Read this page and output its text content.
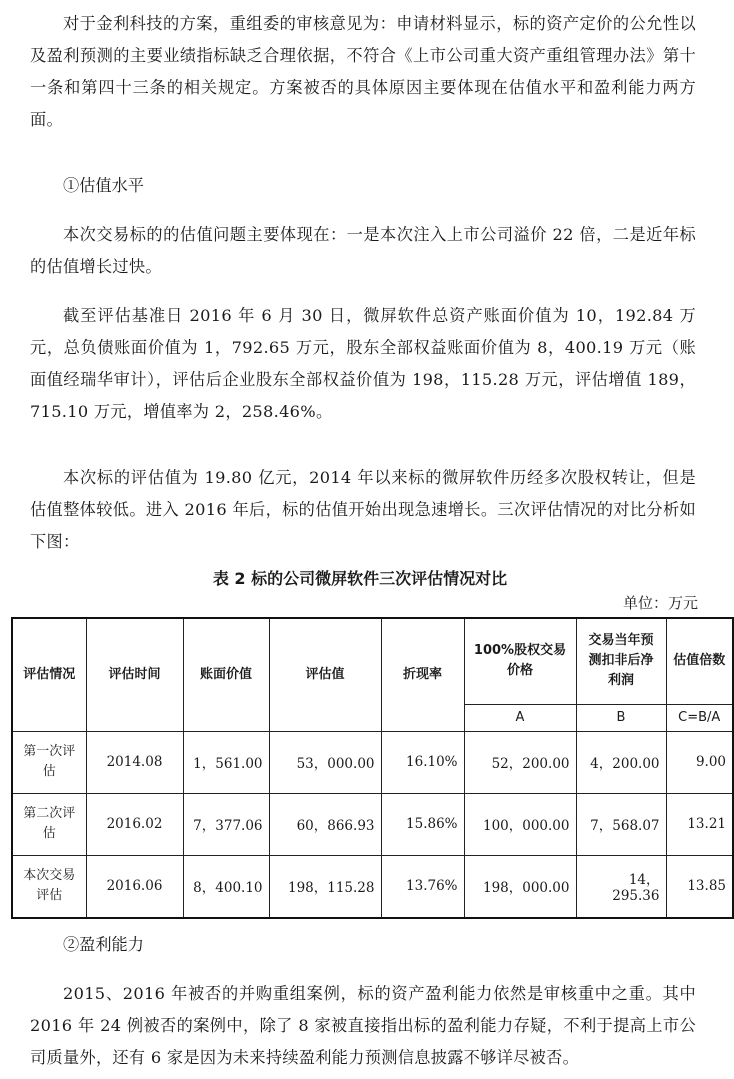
对于金利科技的方案，重组委的审核意见为：申请材料显示，标的资产定价的公允性以及盈利预测的主要业绩指标缺乏合理依据，不符合《上市公司重大资产重组管理办法》第十一条和第四十三条的相关规定。方案被否的具体原因主要体现在估值水平和盈利能力两方面。

①估值水平

本次交易标的的估值问题主要体现在：一是本次注入上市公司溢价 22 倍，二是近年标的估值增长过快。

截至评估基准日 2016 年 6 月 30 日，微屏软件总资产账面价值为 10，192.84 万元，总负债账面价值为 1，792.65 万元，股东全部权益账面价值为 8，400.19 万元（账面值经瑞华审计），评估后企业股东全部权益价值为 198，115.28 万元，评估增值 189，715.10 万元，增值率为 2，258.46%。

本次标的评估值为 19.80 亿元，2014 年以来标的微屏软件历经多次股权转让，但是估值整体较低。进入 2016 年后，标的估值开始出现急速增长。三次评估情况的对比分析如下图：

表 2 标的公司微屏软件三次评估情况对比
单位：万元
评估情况	评估时间	账面价值	评估值	折现率	100%股权交易价格	交易当年预测扣非后净利润	估值倍数
					A	B	C=B/A
第一次评估	2014.08	1，561.00	53，000.00	16.10%	52，200.00	4，200.00	9.00
第二次评估	2016.02	7，377.06	60，866.93	15.86%	100，000.00	7，568.07	13.21
本次交易评估	2016.06	8，400.10	198，115.28	13.76%	198，000.00	14，295.36	13.85

②盈利能力

2015、2016 年被否的并购重组案例，标的资产盈利能力依然是审核重中之重。其中 2016 年 24 例被否的案例中，除了 8 家被直接指出标的盈利能力存疑，不利于提高上市公司质量外，还有 6 家是因为未来持续盈利能力预测信息披露不够详尽被否。
